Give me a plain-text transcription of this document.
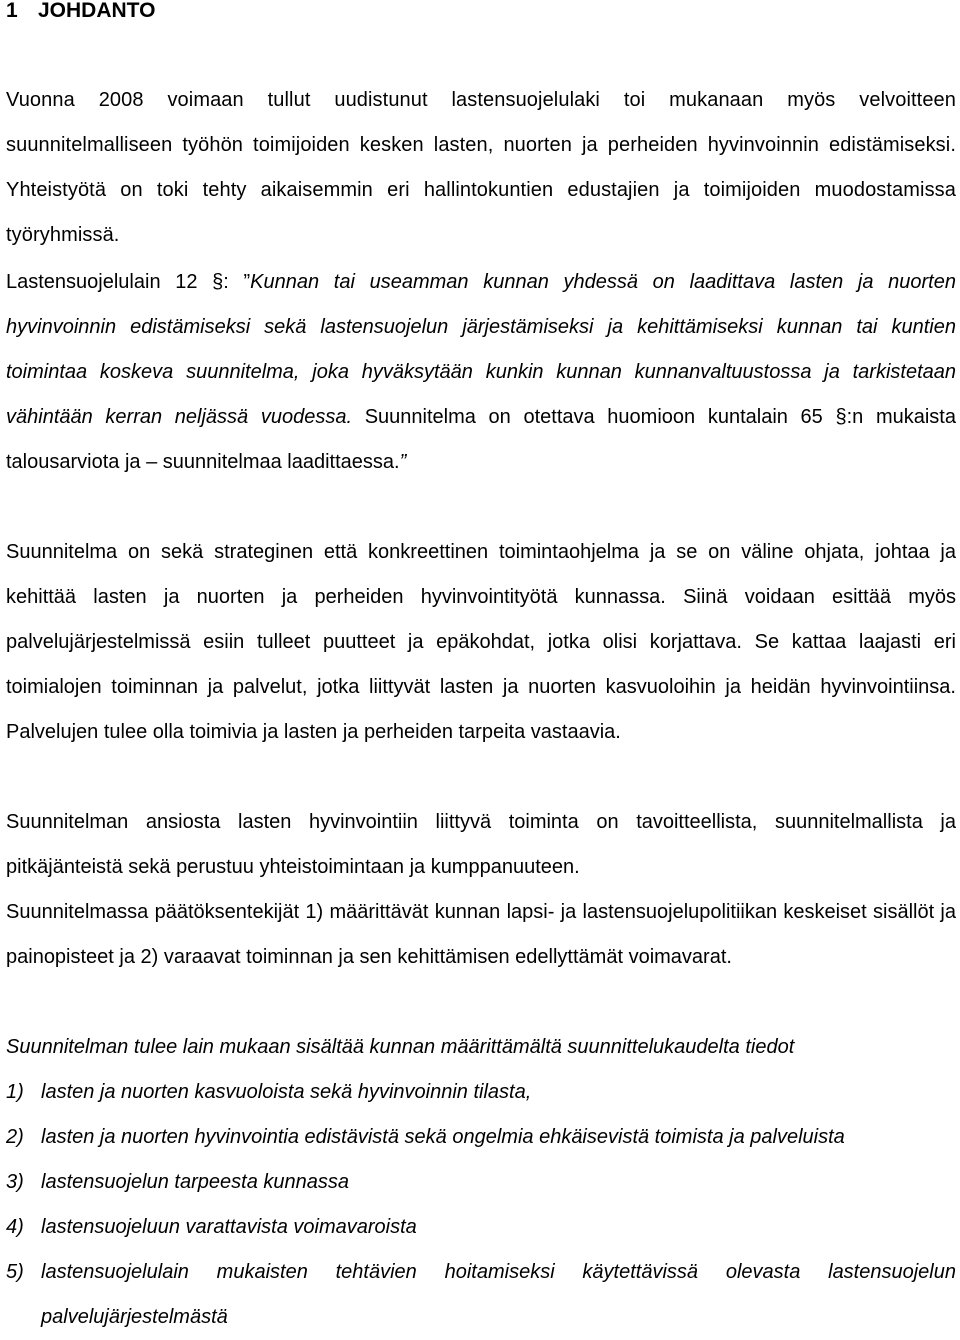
1 JOHDANTO

Vuonna 2008 voimaan tullut uudistunut lastensuojelulaki toi mukanaan myös velvoitteen suunnitelmalliseen työhön toimijoiden kesken lasten, nuorten ja perheiden hyvinvoinnin edistämiseksi. Yhteistyötä on toki tehty aikaisemmin eri hallintokuntien edustajien ja toimijoiden muodostamissa työryhmissä.

Lastensuojelulain 12 §: ”Kunnan tai useamman kunnan yhdessä on laadittava lasten ja nuorten hyvinvoinnin edistämiseksi sekä lastensuojelun järjestämiseksi ja kehittämiseksi kunnan tai kuntien toimintaa koskeva suunnitelma, joka hyväksytään kunkin kunnan kunnanvaltuustossa ja tarkistetaan vähintään kerran neljässä vuodessa. Suunnitelma on otettava huomioon kuntalain 65 §:n mukaista talousarviota ja – suunnitelmaa laadittaessa.”

Suunnitelma on sekä strateginen että konkreettinen toimintaohjelma ja se on väline ohjata, johtaa ja kehittää lasten ja nuorten ja perheiden hyvinvointityötä kunnassa. Siinä voidaan esittää myös palvelujärjestelmissä esiin tulleet puutteet ja epäkohdat, jotka olisi korjattava. Se kattaa laajasti eri toimialojen toiminnan ja palvelut, jotka liittyvät lasten ja nuorten kasvuoloihin ja heidän hyvinvointiinsa. Palvelujen tulee olla toimivia ja lasten ja perheiden tarpeita vastaavia.

Suunnitelman ansiosta lasten hyvinvointiin liittyvä toiminta on tavoitteellista, suunnitelmallista ja pitkäjänteistä sekä perustuu yhteistoimintaan ja kumppanuuteen.

Suunnitelmassa päätöksentekijät 1) määrittävät kunnan lapsi- ja lastensuojelupolitiikan keskeiset sisällöt ja painopisteet ja 2) varaavat toiminnan ja sen kehittämisen edellyttämät voimavarat.

Suunnitelman tulee lain mukaan sisältää kunnan määrittämältä suunnittelukaudelta tiedot

1) lasten ja nuorten kasvuoloista sekä hyvinvoinnin tilasta,
2) lasten ja nuorten hyvinvointia edistävistä sekä ongelmia ehkäisevistä toimista ja palveluista
3) lastensuojelun tarpeesta kunnassa
4) lastensuojeluun varattavista voimavaroista
5) lastensuojelulain mukaisten tehtävien hoitamiseksi käytettävissä olevasta lastensuojelun palvelujärjestelmästä
